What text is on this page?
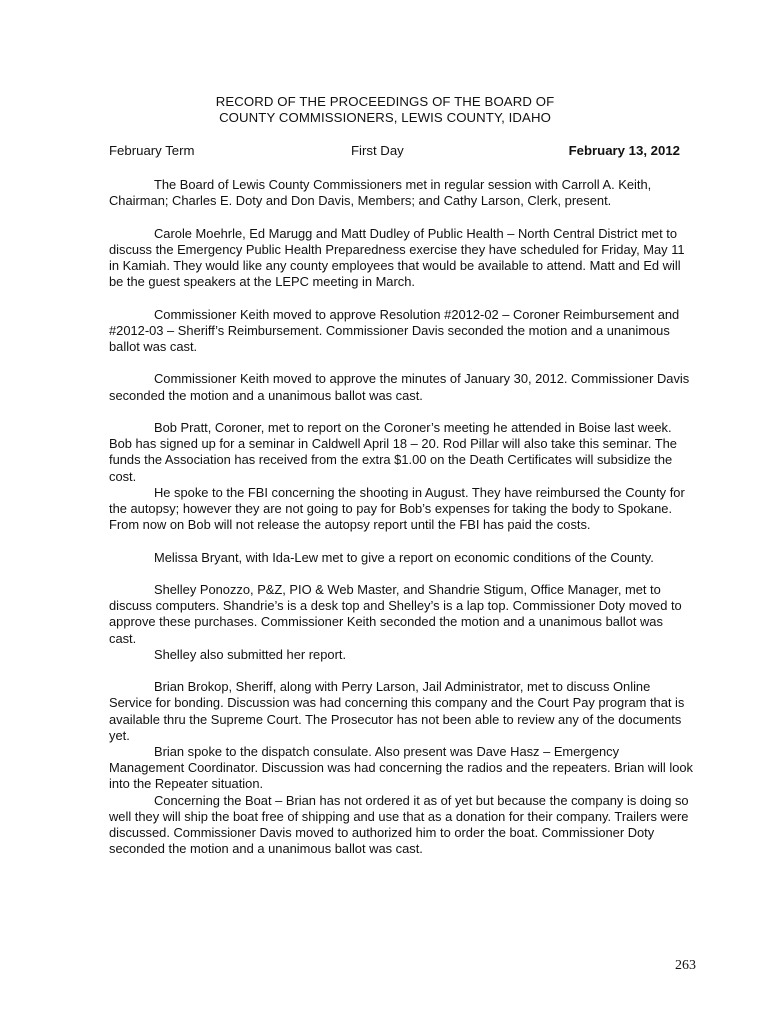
RECORD OF THE PROCEEDINGS OF THE BOARD OF
COUNTY COMMISSIONERS, LEWIS COUNTY, IDAHO
February Term	First Day	February 13, 2012

The Board of Lewis County Commissioners met in regular session with Carroll A. Keith, Chairman; Charles E. Doty and Don Davis, Members; and Cathy Larson, Clerk, present.

Carole Moehrle, Ed Marugg and Matt Dudley of Public Health – North Central District met to discuss the Emergency Public Health Preparedness exercise they have scheduled for Friday, May 11 in Kamiah. They would like any county employees that would be available to attend. Matt and Ed will be the guest speakers at the LEPC meeting in March.

Commissioner Keith moved to approve Resolution #2012-02 – Coroner Reimbursement and #2012-03 – Sheriff’s Reimbursement. Commissioner Davis seconded the motion and a unanimous ballot was cast.

Commissioner Keith moved to approve the minutes of January 30, 2012. Commissioner Davis seconded the motion and a unanimous ballot was cast.

Bob Pratt, Coroner, met to report on the Coroner’s meeting he attended in Boise last week. Bob has signed up for a seminar in Caldwell April 18 – 20. Rod Pillar will also take this seminar. The funds the Association has received from the extra $1.00 on the Death Certificates will subsidize the cost.

He spoke to the FBI concerning the shooting in August. They have reimbursed the County for the autopsy; however they are not going to pay for Bob’s expenses for taking the body to Spokane. From now on Bob will not release the autopsy report until the FBI has paid the costs.

Melissa Bryant, with Ida-Lew met to give a report on economic conditions of the County.

Shelley Ponozzo, P&Z, PIO & Web Master, and Shandrie Stigum, Office Manager, met to discuss computers. Shandrie’s is a desk top and Shelley’s is a lap top. Commissioner Doty moved to approve these purchases. Commissioner Keith seconded the motion and a unanimous ballot was cast.

Shelley also submitted her report.

Brian Brokop, Sheriff, along with Perry Larson, Jail Administrator, met to discuss Online Service for bonding. Discussion was had concerning this company and the Court Pay program that is available thru the Supreme Court. The Prosecutor has not been able to review any of the documents yet.

Brian spoke to the dispatch consulate. Also present was Dave Hasz – Emergency Management Coordinator. Discussion was had concerning the radios and the repeaters. Brian will look into the Repeater situation.

Concerning the Boat – Brian has not ordered it as of yet but because the company is doing so well they will ship the boat free of shipping and use that as a donation for their company. Trailers were discussed. Commissioner Davis moved to authorized him to order the boat. Commissioner Doty seconded the motion and a unanimous ballot was cast.

263
